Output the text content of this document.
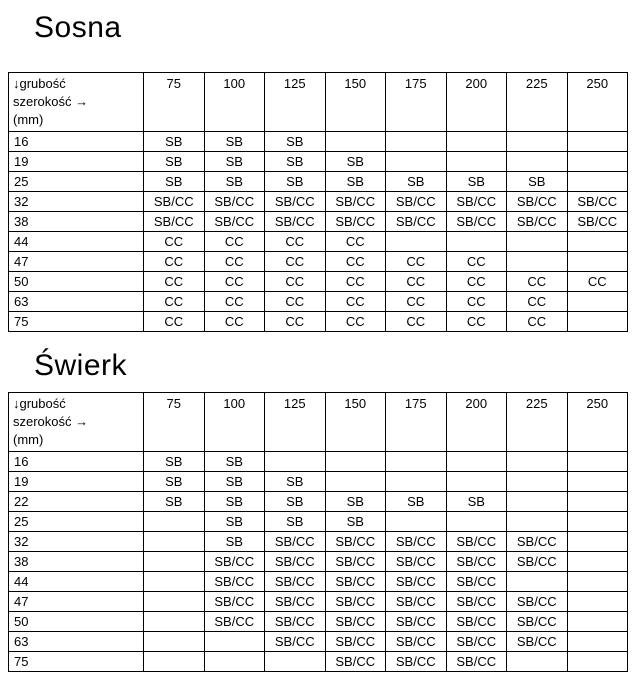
Sosna
↓grubość
szerokość →
(mm)	75	100	125	150	175	200	225	250
16	SB	SB	SB					
19	SB	SB	SB	SB				
25	SB	SB	SB	SB	SB	SB	SB	
32	SB/CC	SB/CC	SB/CC	SB/CC	SB/CC	SB/CC	SB/CC	SB/CC
38	SB/CC	SB/CC	SB/CC	SB/CC	SB/CC	SB/CC	SB/CC	SB/CC
44	CC	CC	CC	CC				
47	CC	CC	CC	CC	CC	CC		
50	CC	CC	CC	CC	CC	CC	CC	CC
63	CC	CC	CC	CC	CC	CC	CC	
75	CC	CC	CC	CC	CC	CC	CC	
Świerk
↓grubość
szerokość →
(mm)	75	100	125	150	175	200	225	250
16	SB	SB						
19	SB	SB	SB					
22	SB	SB	SB	SB	SB	SB		
25		SB	SB	SB				
32		SB	SB/CC	SB/CC	SB/CC	SB/CC	SB/CC	
38		SB/CC	SB/CC	SB/CC	SB/CC	SB/CC	SB/CC	
44		SB/CC	SB/CC	SB/CC	SB/CC	SB/CC		
47		SB/CC	SB/CC	SB/CC	SB/CC	SB/CC	SB/CC	
50		SB/CC	SB/CC	SB/CC	SB/CC	SB/CC	SB/CC	
63			SB/CC	SB/CC	SB/CC	SB/CC	SB/CC	
75				SB/CC	SB/CC	SB/CC		
